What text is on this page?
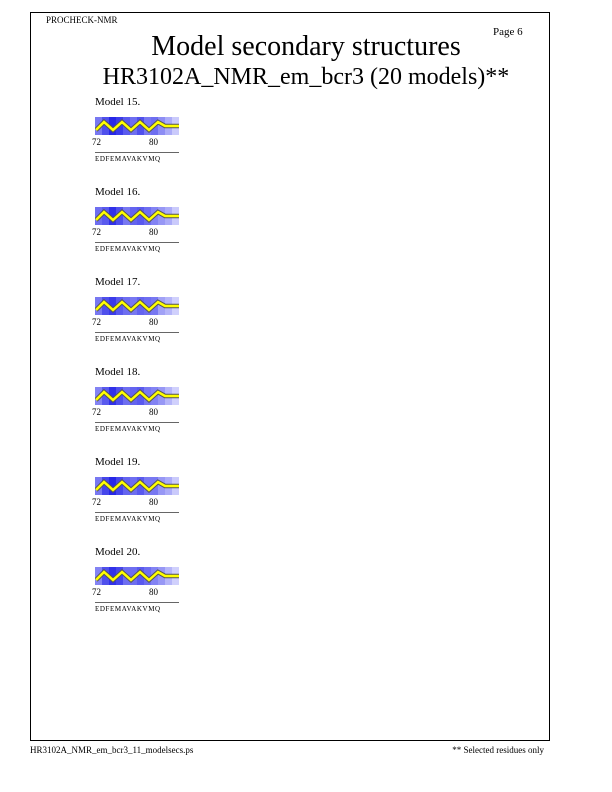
PROCHECK-NMR
Page 6
Model secondary structures
HR3102A_NMR_em_bcr3 (20 models)**
Model 15.
72	80
EDFEMAVAKVMQ
Model 16.
72	80
EDFEMAVAKVMQ
Model 17.
72	80
EDFEMAVAKVMQ
Model 18.
72	80
EDFEMAVAKVMQ
Model 19.
72	80
EDFEMAVAKVMQ
Model 20.
72	80
EDFEMAVAKVMQ
HR3102A_NMR_em_bcr3_11_modelsecs.ps	** Selected residues only
